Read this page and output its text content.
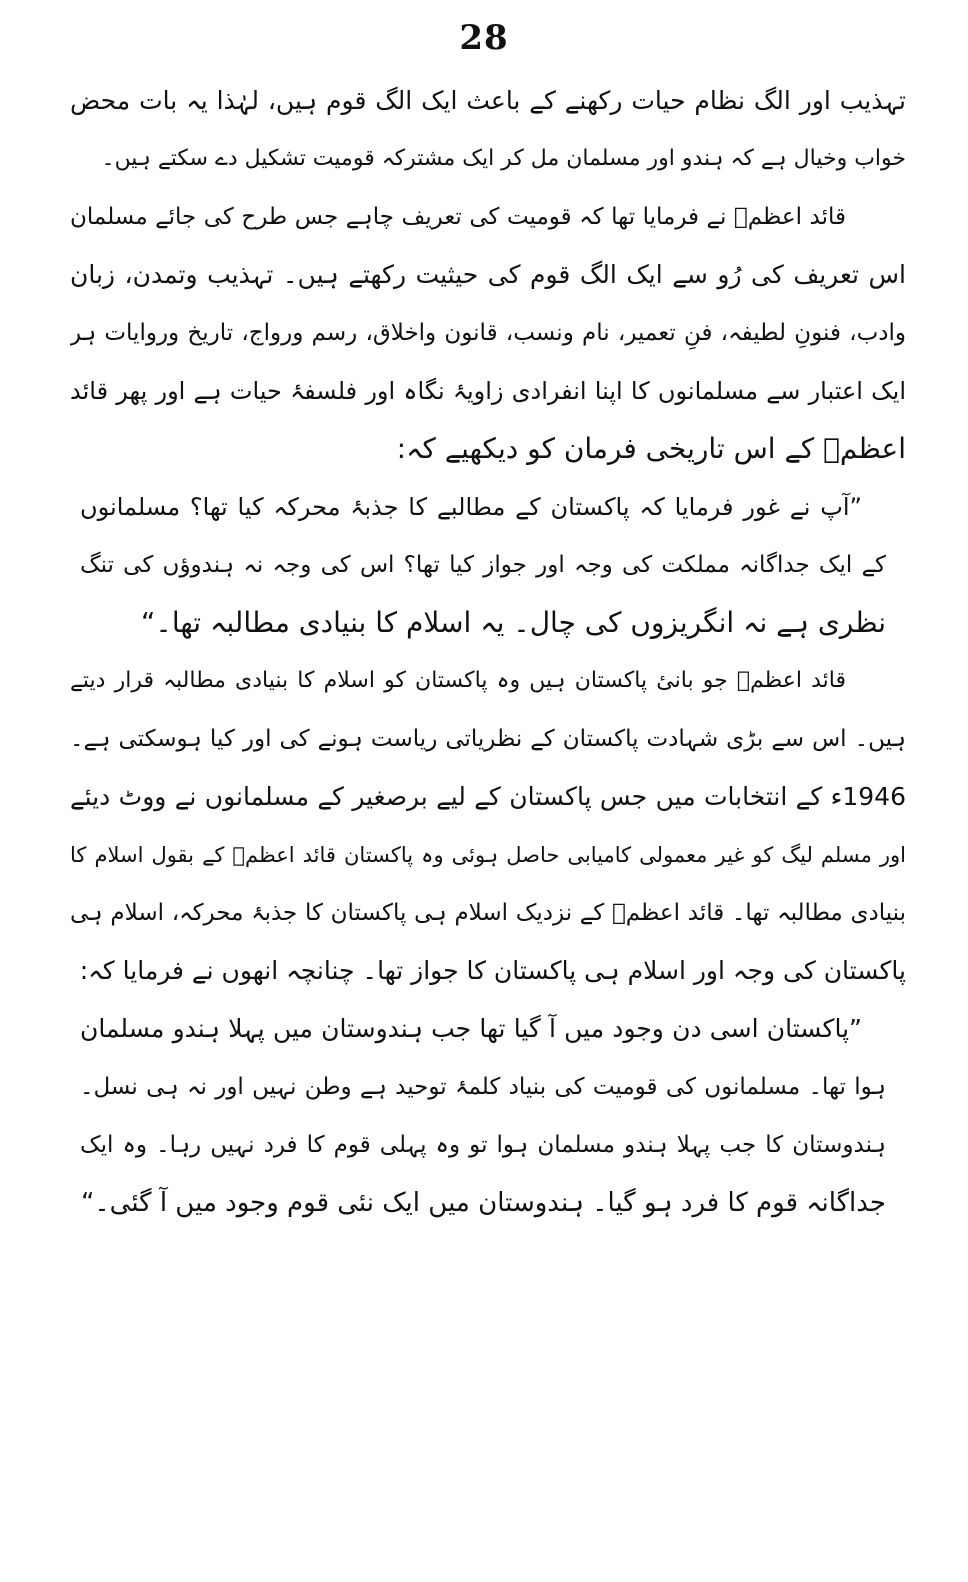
28
تہذیب اور الگ نظام حیات رکھنے کے باعث ایک الگ قوم ہیں، لہٰذا یہ بات محض
خواب وخیال ہے کہ ہندو اور مسلمان مل کر ایک مشترکہ قومیت تشکیل دے سکتے ہیں۔
قائد اعظمؒ نے فرمایا تھا کہ قومیت کی تعریف چاہے جس طرح کی جائے مسلمان
اس تعریف کی رُو سے ایک الگ قوم کی حیثیت رکھتے ہیں۔ تہذیب وتمدن، زبان
وادب، فنونِ لطیفہ، فنِ تعمیر، نام ونسب، قانون واخلاق، رسم ورواج، تاریخ وروایات ہر
ایک اعتبار سے مسلمانوں کا اپنا انفرادی زاویۂ نگاہ اور فلسفۂ حیات ہے اور پھر قائد
اعظمؒ کے اس تاریخی فرمان کو دیکھیے کہ:
”آپ نے غور فرمایا کہ پاکستان کے مطالبے کا جذبۂ محرکہ کیا تھا؟ مسلمانوں
کے ایک جداگانہ مملکت کی وجہ اور جواز کیا تھا؟ اس کی وجہ نہ ہندوؤں کی تنگ
نظری ہے نہ انگریزوں کی چال۔ یہ اسلام کا بنیادی مطالبہ تھا۔“
قائد اعظمؒ جو بانیٔ پاکستان ہیں وہ پاکستان کو اسلام کا بنیادی مطالبہ قرار دیتے
ہیں۔ اس سے بڑی شہادت پاکستان کے نظریاتی ریاست ہونے کی اور کیا ہوسکتی ہے۔
1946ء کے انتخابات میں جس پاکستان کے لیے برصغیر کے مسلمانوں نے ووٹ دیئے
اور مسلم لیگ کو غیر معمولی کامیابی حاصل ہوئی وہ پاکستان قائد اعظمؒ کے بقول اسلام کا
بنیادی مطالبہ تھا۔ قائد اعظمؒ کے نزدیک اسلام ہی پاکستان کا جذبۂ محرکہ، اسلام ہی
پاکستان کی وجہ اور اسلام ہی پاکستان کا جواز تھا۔ چنانچہ انھوں نے فرمایا کہ:
”پاکستان اسی دن وجود میں آ گیا تھا جب ہندوستان میں پہلا ہندو مسلمان
ہوا تھا۔ مسلمانوں کی قومیت کی بنیاد کلمۂ توحید ہے وطن نہیں اور نہ ہی نسل۔
ہندوستان کا جب پہلا ہندو مسلمان ہوا تو وہ پہلی قوم کا فرد نہیں رہا۔ وہ ایک
جداگانہ قوم کا فرد ہو گیا۔ ہندوستان میں ایک نئی قوم وجود میں آ گئی۔“
